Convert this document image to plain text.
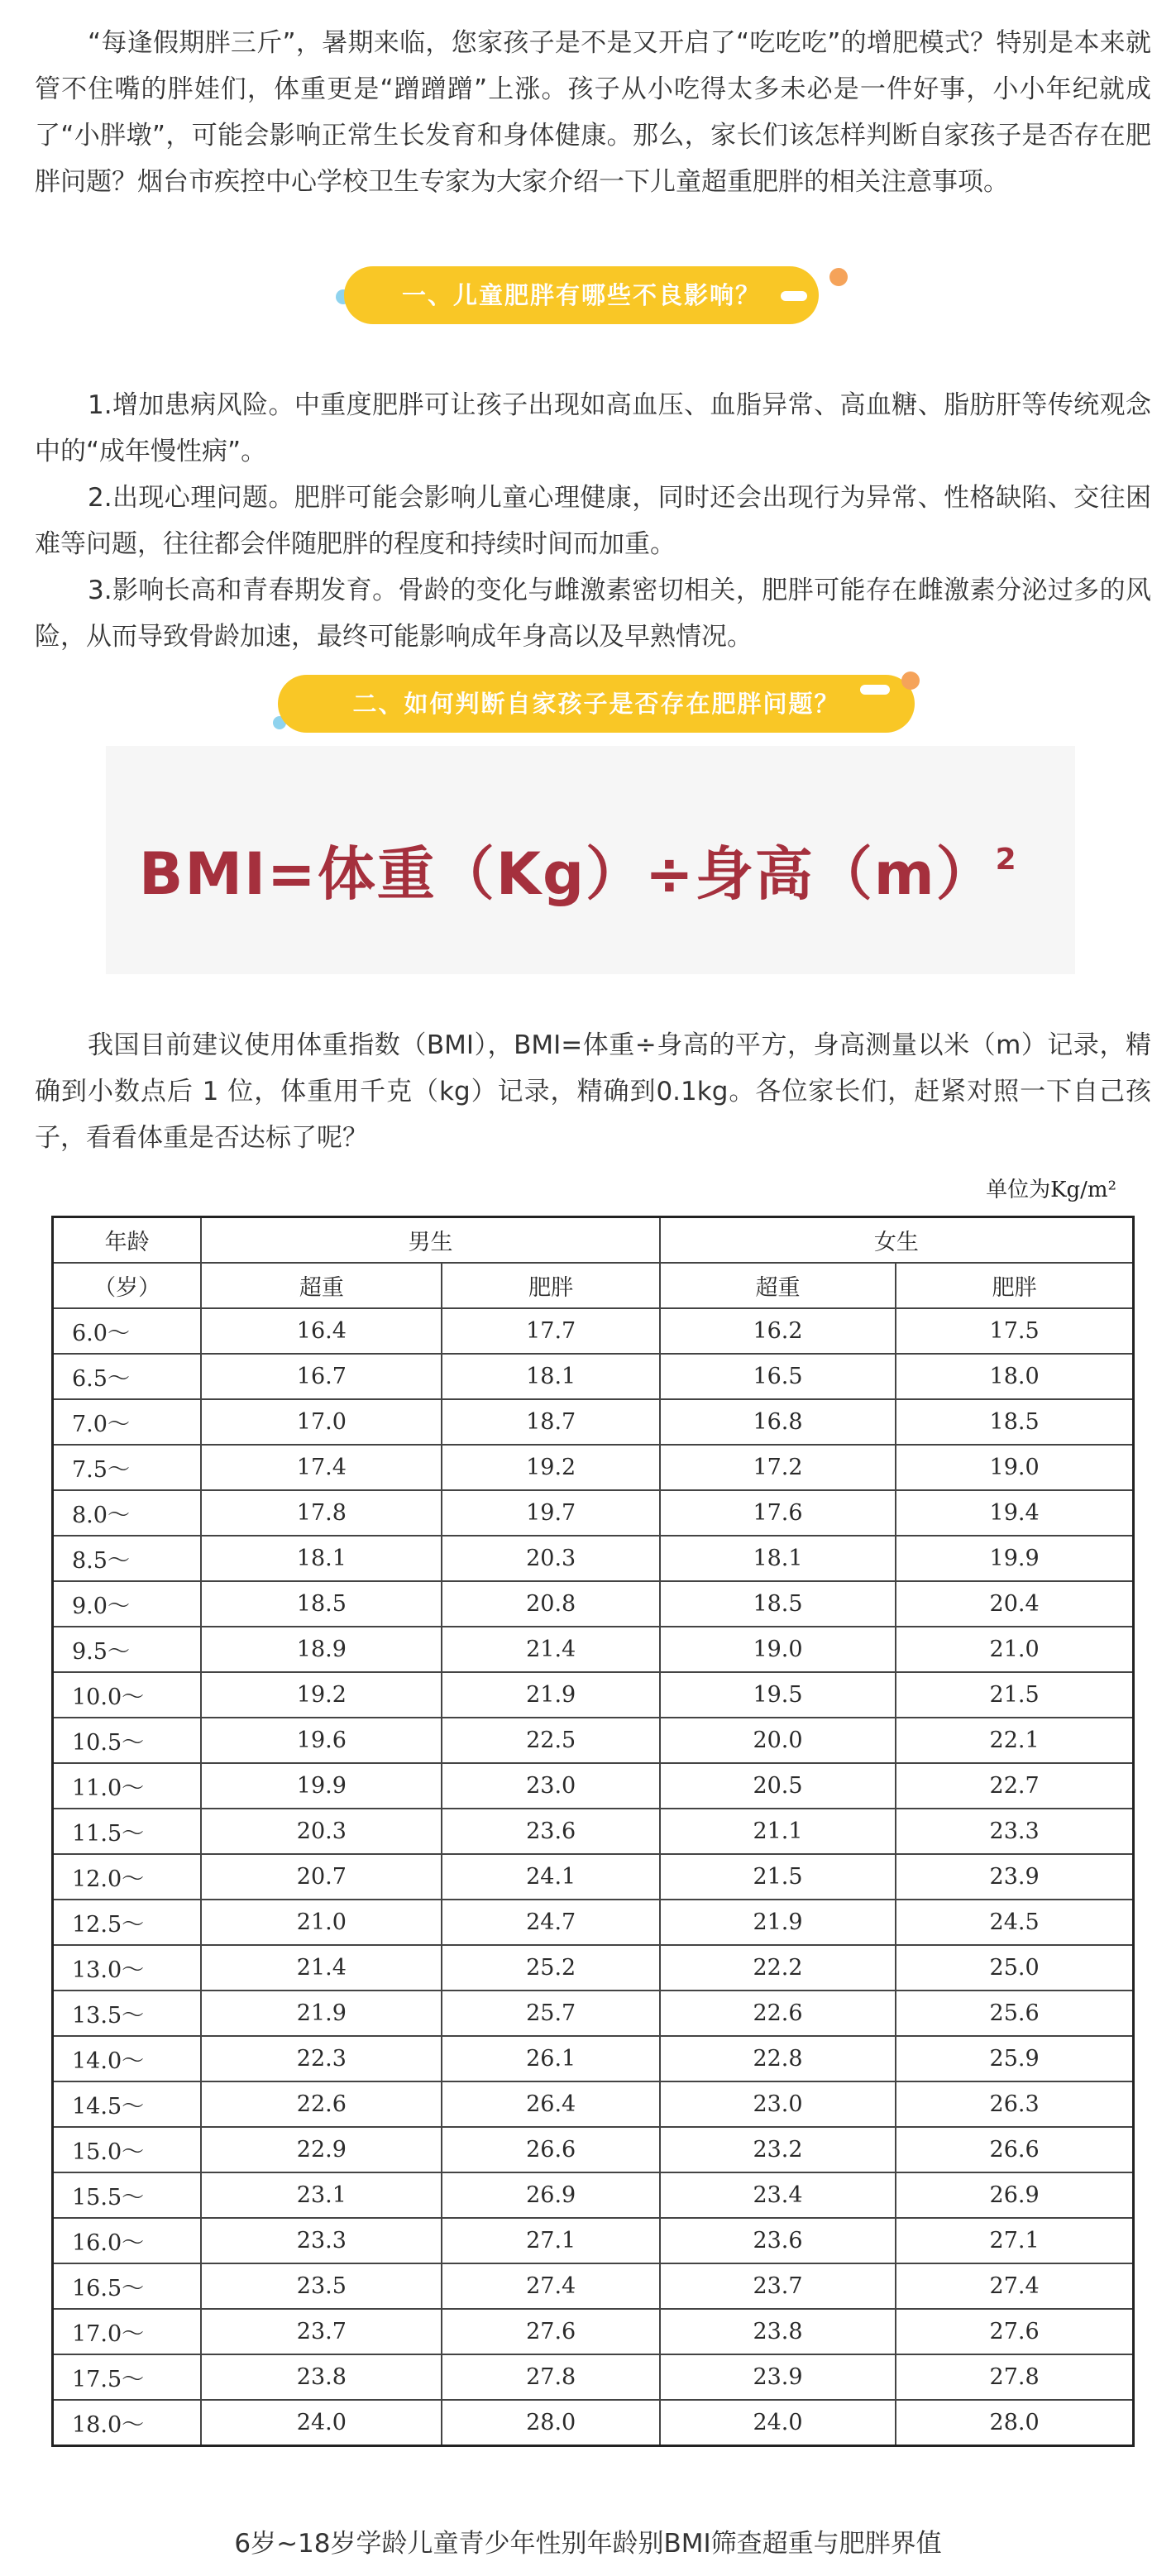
“每逢假期胖三斤”，暑期来临，您家孩子是不是又开启了“吃吃吃”的增肥模式？特别是本来就管不住嘴的胖娃们，体重更是“蹭蹭蹭”上涨。孩子从小吃得太多未必是一件好事，小小年纪就成了“小胖墩”，可能会影响正常生长发育和身体健康。那么，家长们该怎样判断自家孩子是否存在肥胖问题？烟台市疾控中心学校卫生专家为大家介绍一下儿童超重肥胖的相关注意事项。

一、儿童肥胖有哪些不良影响？

1.增加患病风险。中重度肥胖可让孩子出现如高血压、血脂异常、高血糖、脂肪肝等传统观念中的“成年慢性病”。

2.出现心理问题。肥胖可能会影响儿童心理健康，同时还会出现行为异常、性格缺陷、交往困难等问题，往往都会伴随肥胖的程度和持续时间而加重。

3.影响长高和青春期发育。骨龄的变化与雌激素密切相关，肥胖可能存在雌激素分泌过多的风险，从而导致骨龄加速，最终可能影响成年身高以及早熟情况。

二、如何判断自家孩子是否存在肥胖问题？
BMI=体重（Kg）÷身高$(m)^2$

我国目前建议使用体重指数（BMI），BMI=体重÷身高的平方，身高测量以米（m）记录，精确到小数点后 1 位，体重用千克（kg）记录，精确到0.1kg。各位家长们，赶紧对照一下自己孩子，看看体重是否达标了呢？

单位为Kg/m²
年龄	男生		女生	
（岁）	超重	肥胖	超重	肥胖
6.0～	16.4	17.7	16.2	17.5
6.5～	16.7	18.1	16.5	18.0
7.0～	17.0	18.7	16.8	18.5
7.5～	17.4	19.2	17.2	19.0
8.0～	17.8	19.7	17.6	19.4
8.5～	18.1	20.3	18.1	19.9
9.0～	18.5	20.8	18.5	20.4
9.5～	18.9	21.4	19.0	21.0
10.0～	19.2	21.9	19.5	21.5
10.5～	19.6	22.5	20.0	22.1
11.0～	19.9	23.0	20.5	22.7
11.5～	20.3	23.6	21.1	23.3
12.0～	20.7	24.1	21.5	23.9
12.5～	21.0	24.7	21.9	24.5
13.0～	21.4	25.2	22.2	25.0
13.5～	21.9	25.7	22.6	25.6
14.0～	22.3	26.1	22.8	25.9
14.5～	22.6	26.4	23.0	26.3
15.0～	22.9	26.6	23.2	26.6
15.5～	23.1	26.9	23.4	26.9
16.0～	23.3	27.1	23.6	27.1
16.5～	23.5	27.4	23.7	27.4
17.0～	23.7	27.6	23.8	27.6
17.5～	23.8	27.8	23.9	27.8
18.0～	24.0	28.0	24.0	28.0
6岁~18岁学龄儿童青少年性别年龄别BMI筛查超重与肥胖界值
